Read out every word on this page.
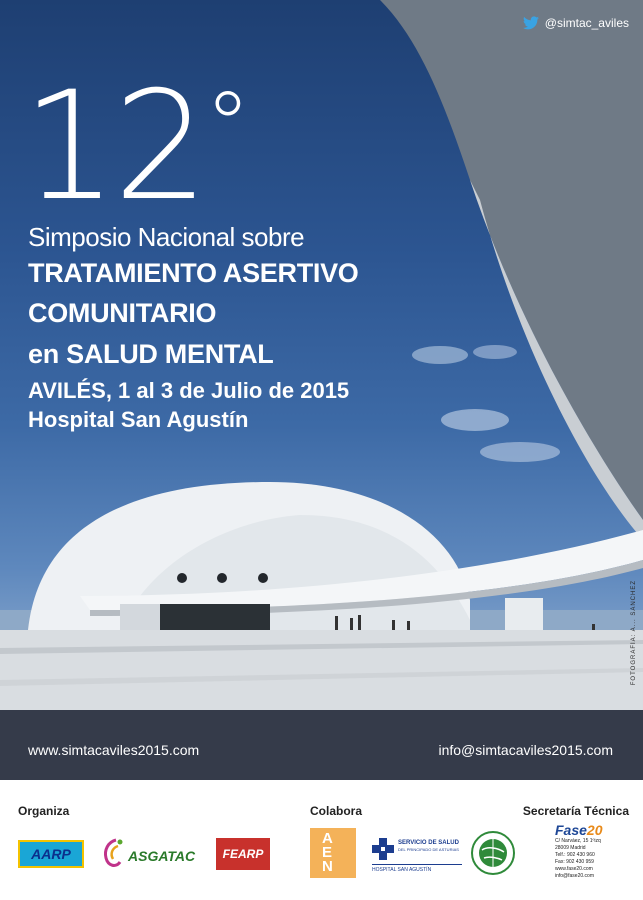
@simtac_aviles
12°
Simposio Nacional sobre
TRATAMIENTO ASERTIVO
COMUNITARIO
en SALUD MENTAL
AVILÉS, 1 al 3 de Julio de 2015
Hospital San Agustín
FOTOGRAFÍA: A... SÁNCHEZ
www.simtacaviles2015.com	info@simtacaviles2015.com
Organiza	Colabora	Secretaría Técnica
AARP	ASGATAC	FEARP
AEN
SERVICIO DE SALUD
DEL PRINCIPADO DE ASTURIAS
HOSPITAL SAN AGUSTÍN
Fase20
C/ Narváez, 15 1ºizq
28009 Madrid
Telf.: 902 430 960
Fax: 902 430 959
www.fase20.com
info@fase20.com
